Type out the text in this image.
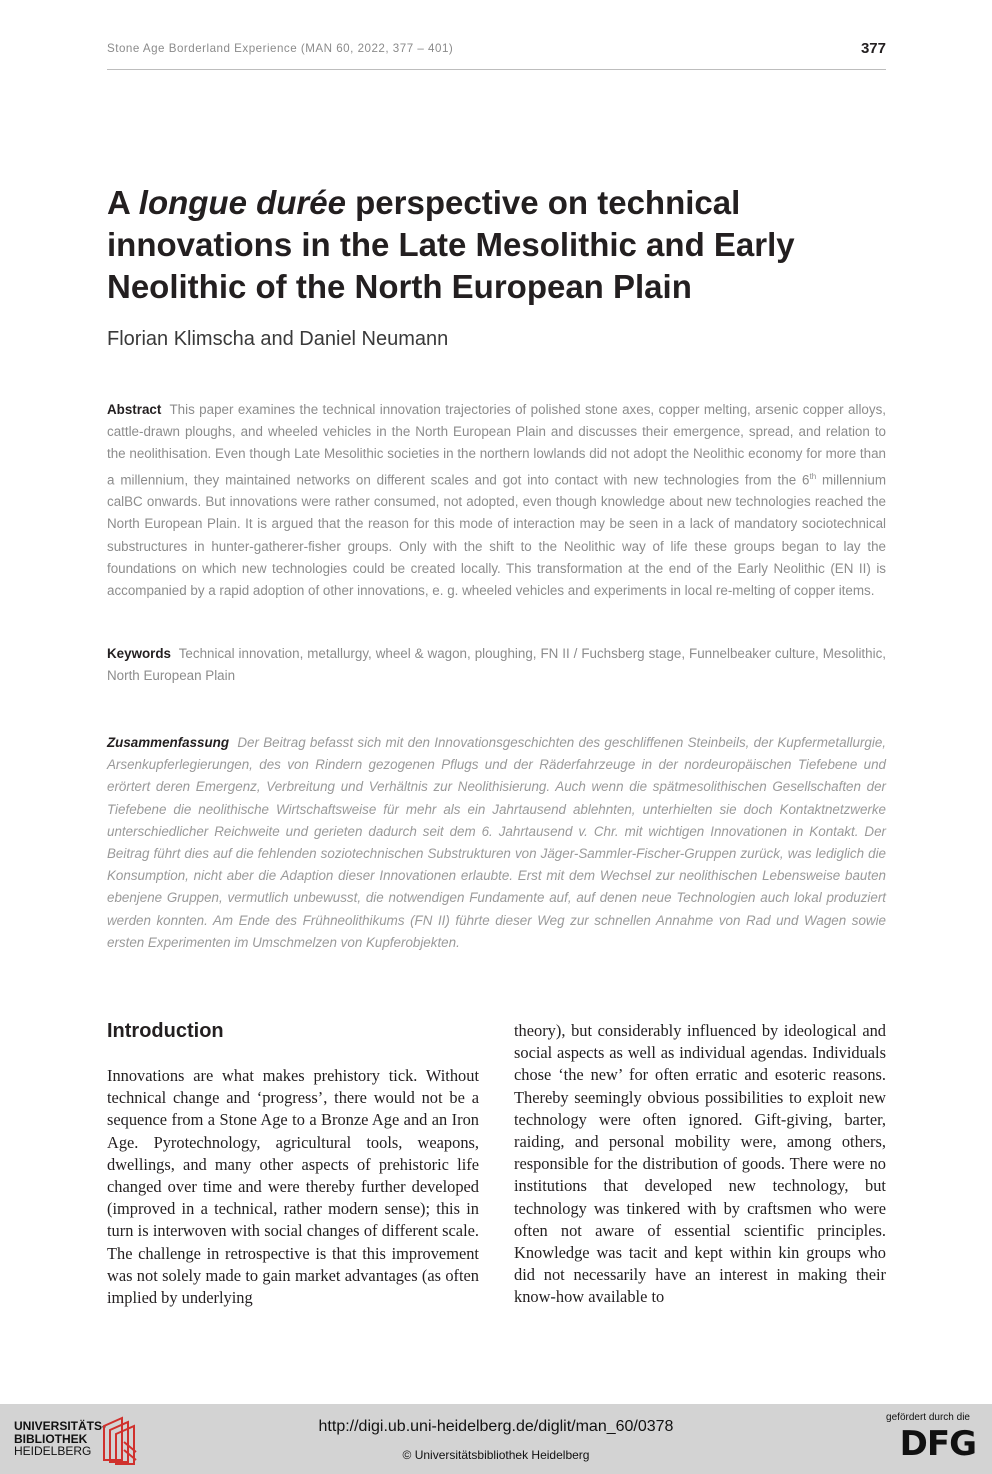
Stone Age Borderland Experience (MAN 60, 2022, 377 – 401)	377
A longue durée perspective on technical innovations in the Late Mesolithic and Early Neolithic of the North European Plain

Florian Klimscha and Daniel Neumann

Abstract This paper examines the technical innovation trajectories of polished stone axes, copper melting, arsenic copper alloys, cattle-drawn ploughs, and wheeled vehicles in the North European Plain and discusses their emergence, spread, and relation to the neolithisation. Even though Late Mesolithic societies in the northern lowlands did not adopt the Neolithic economy for more than a millennium, they maintained networks on different scales and got into contact with new technologies from the 6th millennium calBC onwards. But innovations were rather consumed, not adopted, even though knowledge about new technologies reached the North European Plain. It is argued that the reason for this mode of interaction may be seen in a lack of mandatory sociotechnical substructures in hunter-gatherer-fisher groups. Only with the shift to the Neolithic way of life these groups began to lay the foundations on which new technologies could be created locally. This transformation at the end of the Early Neolithic (EN II) is accompanied by a rapid adoption of other innovations, e. g. wheeled vehicles and experiments in local re-melting of copper items.

Keywords Technical innovation, metallurgy, wheel & wagon, ploughing, FN II / Fuchsberg stage, Funnelbeaker culture, Mesolithic, North European Plain

Zusammenfassung Der Beitrag befasst sich mit den Innovationsgeschichten des geschliffenen Steinbeils, der Kupfermetallurgie, Arsenkupferlegierungen, des von Rindern gezogenen Pflugs und der Räderfahrzeuge in der nordeuropäischen Tiefebene und erörtert deren Emergenz, Verbreitung und Verhältnis zur Neolithisierung. Auch wenn die spätmesolithischen Gesellschaften der Tiefebene die neolithische Wirtschaftsweise für mehr als ein Jahrtausend ablehnten, unterhielten sie doch Kontaktnetzwerke unterschiedlicher Reichweite und gerieten dadurch seit dem 6. Jahrtausend v. Chr. mit wichtigen Innovationen in Kontakt. Der Beitrag führt dies auf die fehlenden soziotechnischen Substrukturen von Jäger-Sammler-Fischer-Gruppen zurück, was lediglich die Konsumption, nicht aber die Adaption dieser Innovationen erlaubte. Erst mit dem Wechsel zur neolithischen Lebensweise bauten ebenjene Gruppen, vermutlich unbewusst, die notwendigen Fundamente auf, auf denen neue Technologien auch lokal produziert werden konnten. Am Ende des Frühneolithikums (FN II) führte dieser Weg zur schnellen Annahme von Rad und Wagen sowie ersten Experimenten im Umschmelzen von Kupferobjekten.

Introduction

Innovations are what makes prehistory tick. Without technical change and ‘progress’, there would not be a sequence from a Stone Age to a Bronze Age and an Iron Age. Pyrotechnology, agricultural tools, weapons, dwellings, and many other aspects of prehistoric life changed over time and were thereby further developed (improved in a technical, rather modern sense); this in turn is interwoven with social changes of different scale. The challenge in retrospective is that this improvement was not solely made to gain market advantages (as often implied by underlying

theory), but considerably influenced by ideological and social aspects as well as individual agendas. Individuals chose ‘the new’ for often erratic and esoteric reasons. Thereby seemingly obvious possibilities to exploit new technology were often ignored. Gift-giving, barter, raiding, and personal mobility were, among others, responsible for the distribution of goods. There were no institutions that developed new technology, but technology was tinkered with by craftsmen who were often not aware of essential scientific principles. Knowledge was tacit and kept within kin groups who did not necessarily have an interest in making their know-how available to

UNIVERSITÄTS-
BIBLIOTHEK
HEIDELBERG
http://digi.ub.uni-heidelberg.de/diglit/man_60/0378
© Universitätsbibliothek Heidelberg
gefördert durch die
DFG
